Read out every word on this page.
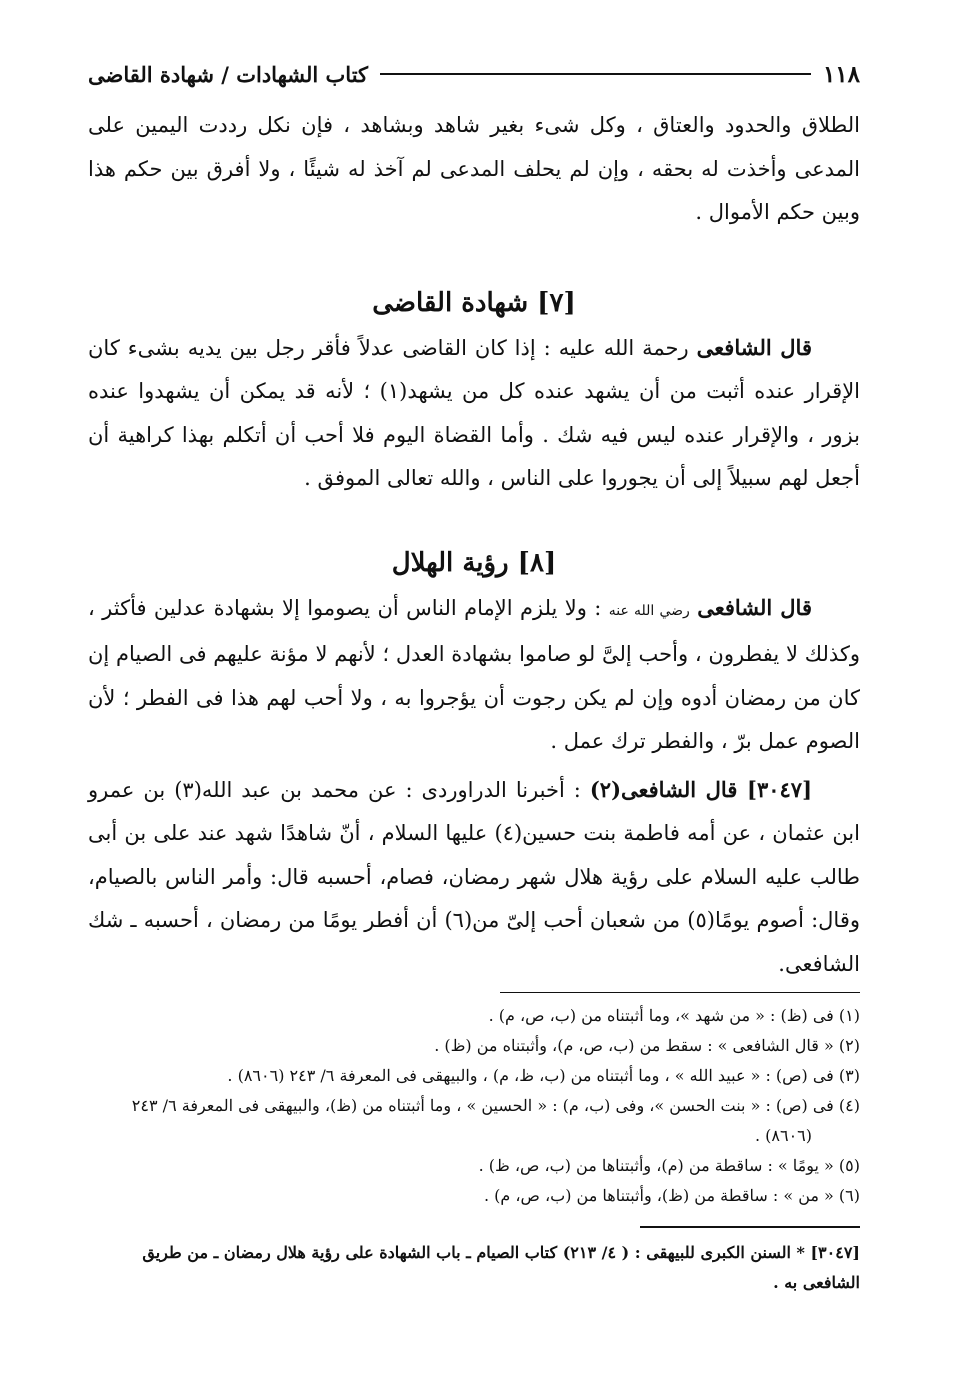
١١٨
كتاب الشهادات / شهادة القاضى

الطلاق والحدود والعتاق ، وكل شىء بغير شاهد وبشاهد ، فإن نكل رددت اليمين على المدعى وأخذت له بحقه ، وإن لم يحلف المدعى لم آخذ له شيئًا ، ولا أفرق بين حكم هذا وبين حكم الأموال .

[٧] شهادة القاضى

قال الشافعى رحمة الله عليه : إذا كان القاضى عدلاً فأقر رجل بين يديه بشىء كان الإقرار عنده أثبت من أن يشهد عنده كل من يشهد(١) ؛ لأنه قد يمكن أن يشهدوا عنده بزور ، والإقرار عنده ليس فيه شك . وأما القضاة اليوم فلا أحب أن أتكلم بهذا كراهية أن أجعل لهم سبيلاً إلى أن يجوروا على الناس ، والله تعالى الموفق .

[٨] رؤية الهلال

قال الشافعى رضي الله عنه : ولا يلزم الإمام الناس أن يصوموا إلا بشهادة عدلين فأكثر ، وكذلك لا يفطرون ، وأحب إلىَّ لو صاموا بشهادة العدل ؛ لأنهم لا مؤنة عليهم فى الصيام إن كان من رمضان أدوه وإن لم يكن رجوت أن يؤجروا به ، ولا أحب لهم هذا فى الفطر ؛ لأن الصوم عمل برّ ، والفطر ترك عمل .

[٣٠٤٧] قال الشافعى(٢) : أخبرنا الدراوردى : عن محمد بن عبد الله(٣) بن عمرو ابن عثمان ، عن أمه فاطمة بنت حسين(٤) عليها السلام ، أنّ شاهدًا شهد عند على بن أبى طالب عليه السلام على رؤية هلال شهر رمضان، فصام، أحسبه قال: وأمر الناس بالصيام، وقال: أصوم يومًا(٥) من شعبان أحب إلىّ من(٦) أن أفطر يومًا من رمضان ، أحسبه ـ شك الشافعى.

(١) فى (ظ) : « من شهد »، وما أثبتناه من (ب، ص، م) .

(٢) « قال الشافعى » : سقط من (ب، ص، م)، وأثبتناه من (ظ) .

(٣) فى (ص) : « عبيد الله » ، وما أثبتناه من (ب، ظ، م) ، والبيهقى فى المعرفة ٦/ ٢٤٣ (٨٦٠٦) .

(٤) فى (ص) : « بنت الحسن »، وفى (ب، م) : « الحسين » ، وما أثبتناه من (ظ)، والبيهقى فى المعرفة ٦/ ٢٤٣

(٨٦٠٦) .

(٥) « يومًا » : ساقطة من (م)، وأثبتناها من (ب، ص، ظ) .

(٦) « من » : ساقطة من (ظ)، وأثبتناها من (ب، ص، م) .

[٣٠٤٧] * السنن الكبرى للبيهقى : ( ٤/ ٢١٣) كتاب الصيام ـ باب الشهادة على رؤية هلال رمضان ـ من طريق الشافعى به .
